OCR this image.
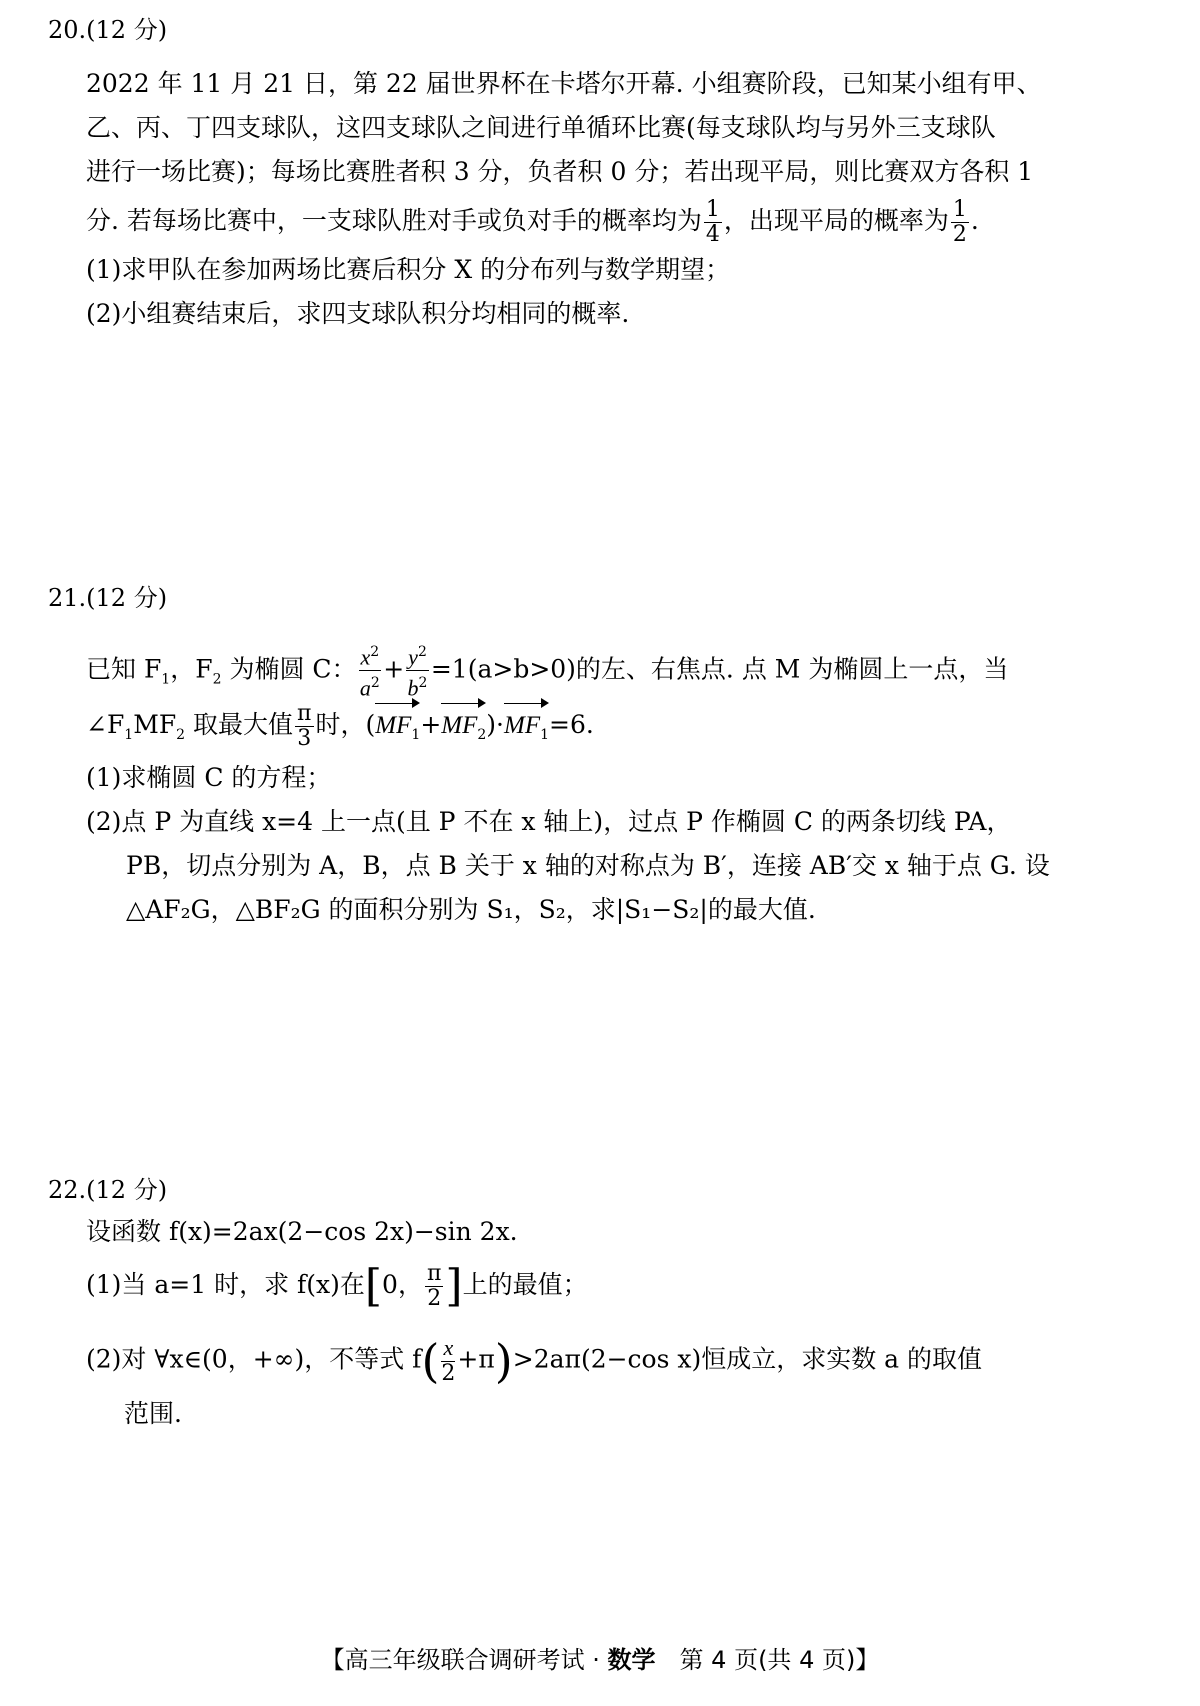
20.(12 分)
2022 年 11 月 21 日，第 22 届世界杯在卡塔尔开幕. 小组赛阶段，已知某小组有甲、
乙、丙、丁四支球队，这四支球队之间进行单循环比赛(每支球队均与另外三支球队
进行一场比赛)；每场比赛胜者积 3 分，负者积 0 分；若出现平局，则比赛双方各积 1
分. 若每场比赛中，一支球队胜对手或负对手的概率均为 $\frac{1}{4}$ ，出现平局的概率为 $\frac{1}{2}$ .
(1)求甲队在参加两场比赛后积分 X 的分布列与数学期望；
(2)小组赛结束后，求四支球队积分均相同的概率.
21.(12 分)
已知 $F_1$，$F_2$ 为椭圆 C： $\frac{x^2}{a^2} + \frac{y^2}{b^2} =1(a>b>0)$的左、右焦点. 点 M 为椭圆上一点，当
$\angle F_1MF_2$ 取最大值 $\frac{\pi}{3}$ 时，$(MF_1+MF_2)\cdot MF_1=6$.
(1)求椭圆 C 的方程；
(2)点 P 为直线 x=4 上一点(且 P 不在 x 轴上)，过点 P 作椭圆 C 的两条切线 PA，
PB，切点分别为 A，B，点 B 关于 x 轴的对称点为 B′，连接 AB′交 x 轴于点 G. 设
△AF₂G，△BF₂G 的面积分别为 S₁，S₂，求|S₁−S₂|的最大值.
22.(12 分)
设函数 f(x)=2ax(2−cos 2x)−sin 2x.
(1)当 a=1 时，求 f(x)在[0， $\frac{\pi}{2}$ ]上的最值；
(2)对 ∀x∈(0，+∞)，不等式 $f( \frac{x}{2} +\pi)>2a\pi(2-\cos$ x)恒成立，求实数 a 的取值
范围.
【高三年级联合调研考试 · 数学　第 4 页(共 4 页)】
